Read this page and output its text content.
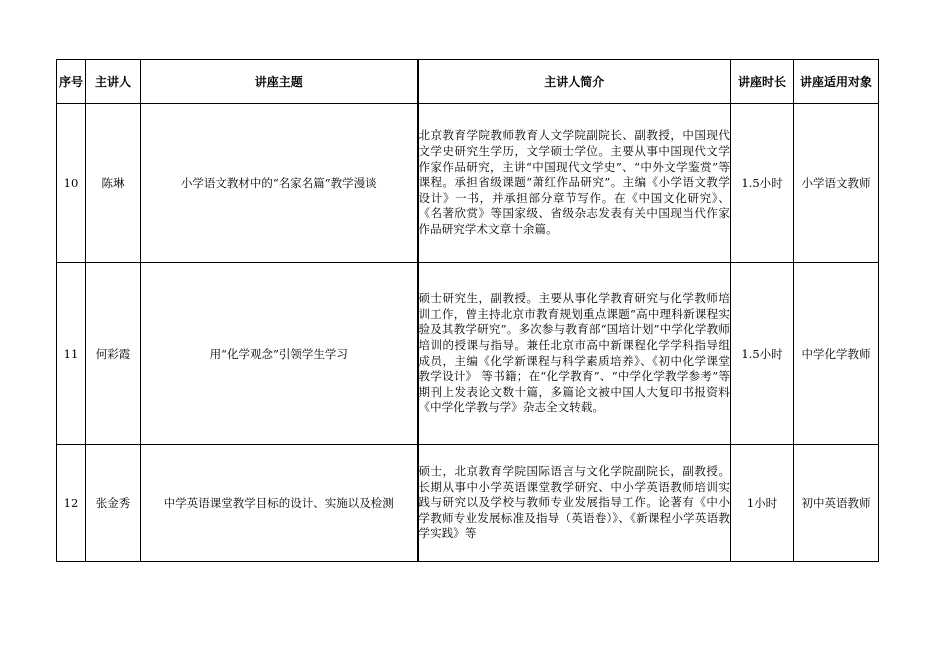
序号	主讲人	讲座主题	主讲人简介	讲座时长	讲座适用对象
10	陈琳	小学语文教材中的“名家名篇”教学漫谈	北京教育学院教师教育人文学院副院长、副教授，中国现代文学史研究生学历，文学硕士学位。主要从事中国现代文学作家作品研究，主讲“中国现代文学史”、“中外文学鉴赏”等课程。承担省级课题“萧红作品研究”。主编《小学语文教学设计》一书，并承担部分章节写作。在《中国文化研究》、《名著欣赏》等国家级、省级杂志发表有关中国现当代作家作品研究学术文章十余篇。	1.5小时	小学语文教师
11	何彩霞	用“化学观念”引领学生学习	硕士研究生，副教授。主要从事化学教育研究与化学教师培训工作，曾主持北京市教育规划重点课题“高中理科新课程实验及其教学研究”。多次参与教育部“国培计划”中学化学教师培训的授课与指导。兼任北京市高中新课程化学学科指导组成员，主编《化学新课程与科学素质培养》、《初中化学课堂教学设计》 等书籍；在“化学教育”、“中学化学教学参考”等期刊上发表论文数十篇，多篇论文被中国人大复印书报资料《中学化学教与学》杂志全文转载。	1.5小时	中学化学教师
12	张金秀	中学英语课堂教学目标的设计、实施以及检测	硕士，北京教育学院国际语言与文化学院副院长，副教授。长期从事中小学英语课堂教学研究、中小学英语教师培训实践与研究以及学校与教师专业发展指导工作。论著有《中小学教师专业发展标准及指导（英语卷）》、《新课程小学英语教学实践》等	1小时	初中英语教师
